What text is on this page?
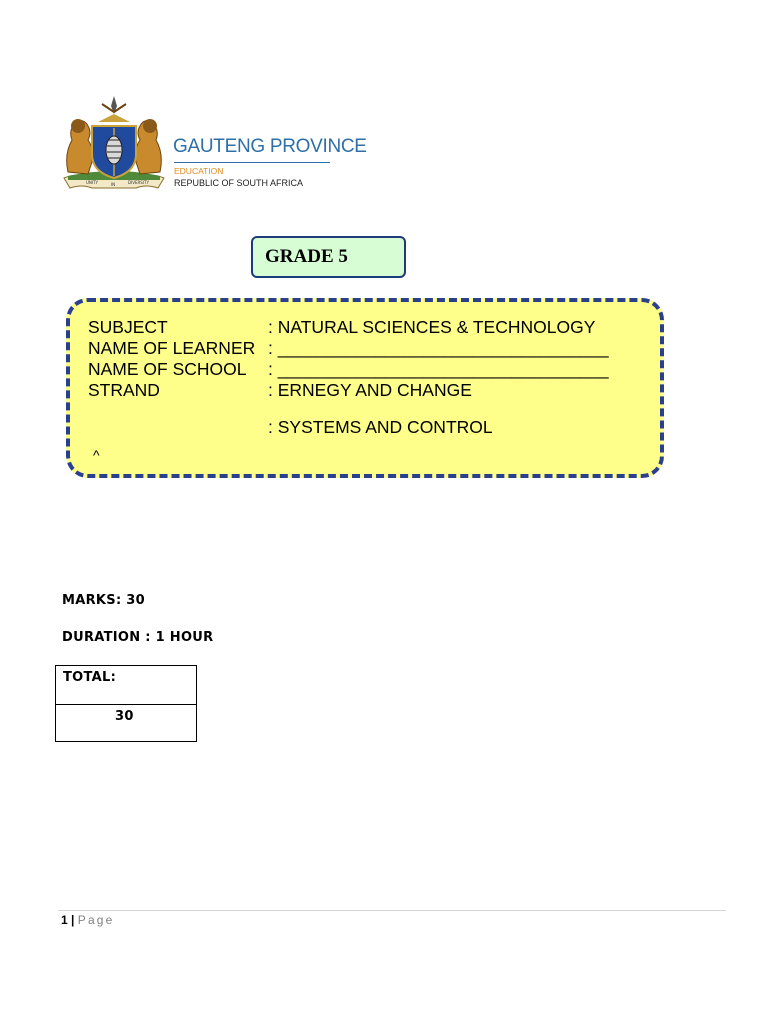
UNITY	IN	DIVERSITY
GAUTENG PROVINCE
EDUCATION
REPUBLIC OF SOUTH AFRICA
GRADE 5
SUBJECT	: NATURAL SCIENCES & TECHNOLOGY
NAME OF LEARNER : __________________________________
NAME OF SCHOOL : __________________________________
STRAND	: ERNEGY AND CHANGE
: SYSTEMS AND CONTROL
^
MARKS: 30
DURATION : 1 HOUR
TOTAL:
30
1 | Page
